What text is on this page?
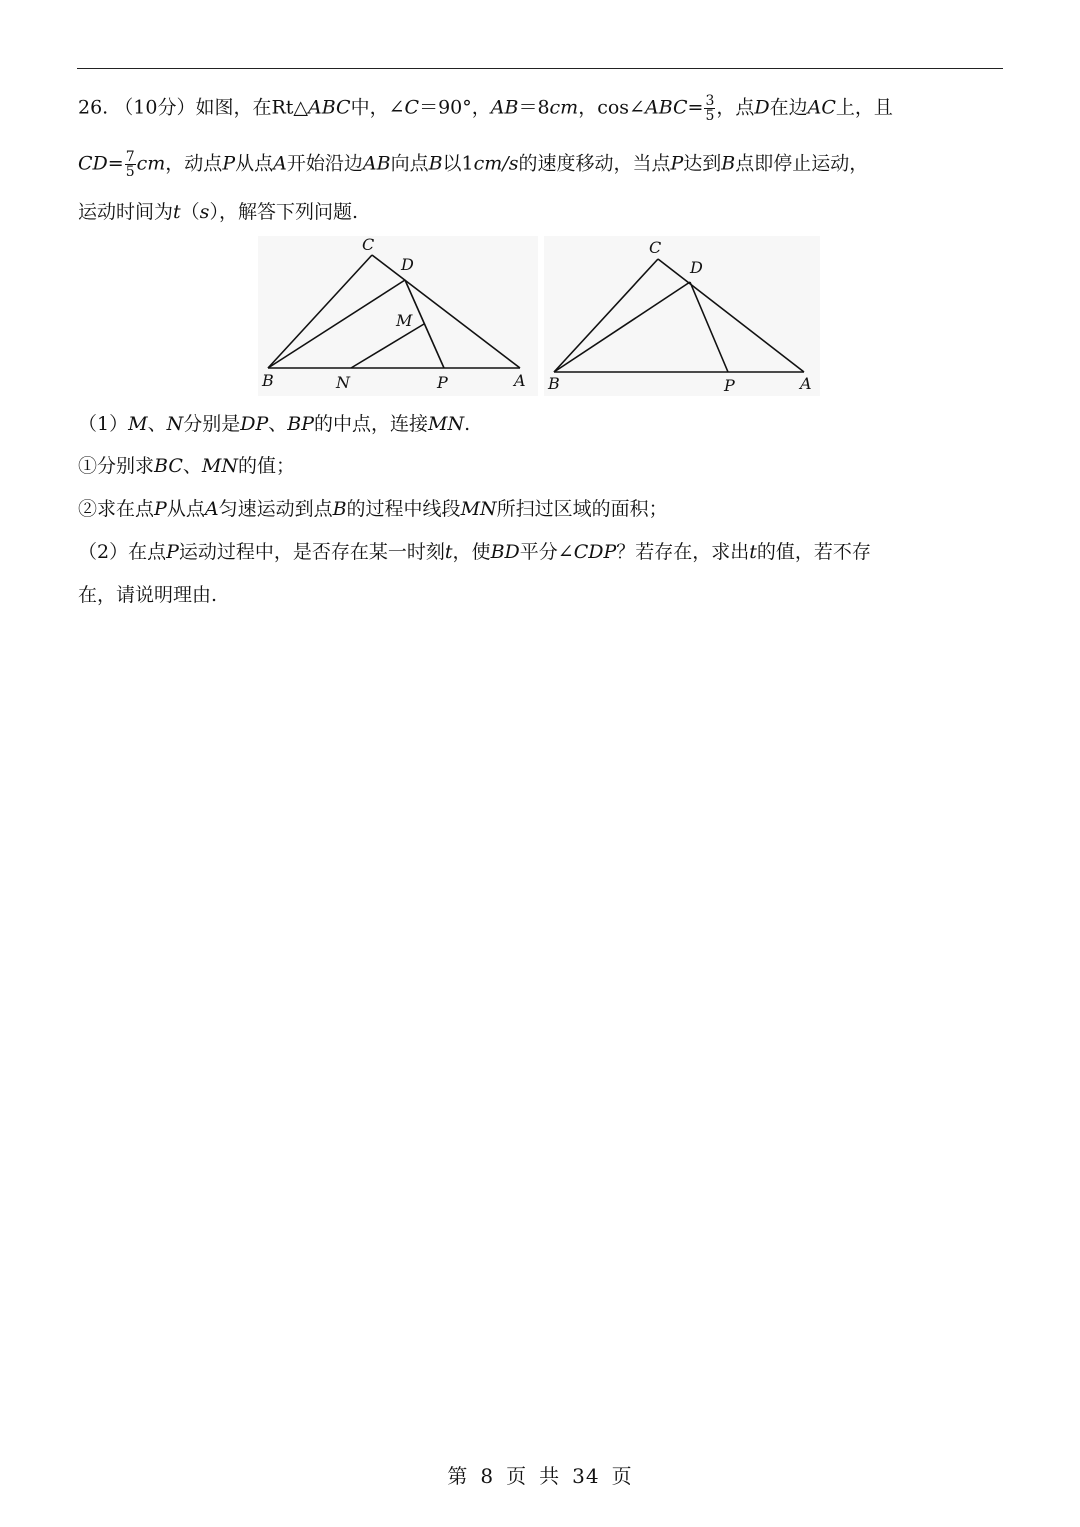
26. （10分）如图，在Rt△ABC中，∠C＝90°，AB＝8cm，cos∠ABC= $\frac{3}{5}$ ，点D在边AC上，且
$CD= \frac{7}{5}$ cm，动点P从点A开始沿边AB向点B以1cm/s的速度移动，当点P达到B点即停止运动，
运动时间为t（s），解答下列问题.
C
D
M
B	N	P	A
C
D
B	P	A
（1）M、N分别是DP、BP的中点，连接MN.
①分别求BC、MN的值；
②求在点P从点A匀速运动到点B的过程中线段MN所扫过区域的面积；
（2）在点P运动过程中，是否存在某一时刻t，使BD平分∠CDP？若存在，求出t的值，若不存
在，请说明理由.
第 8 页 共 34 页
